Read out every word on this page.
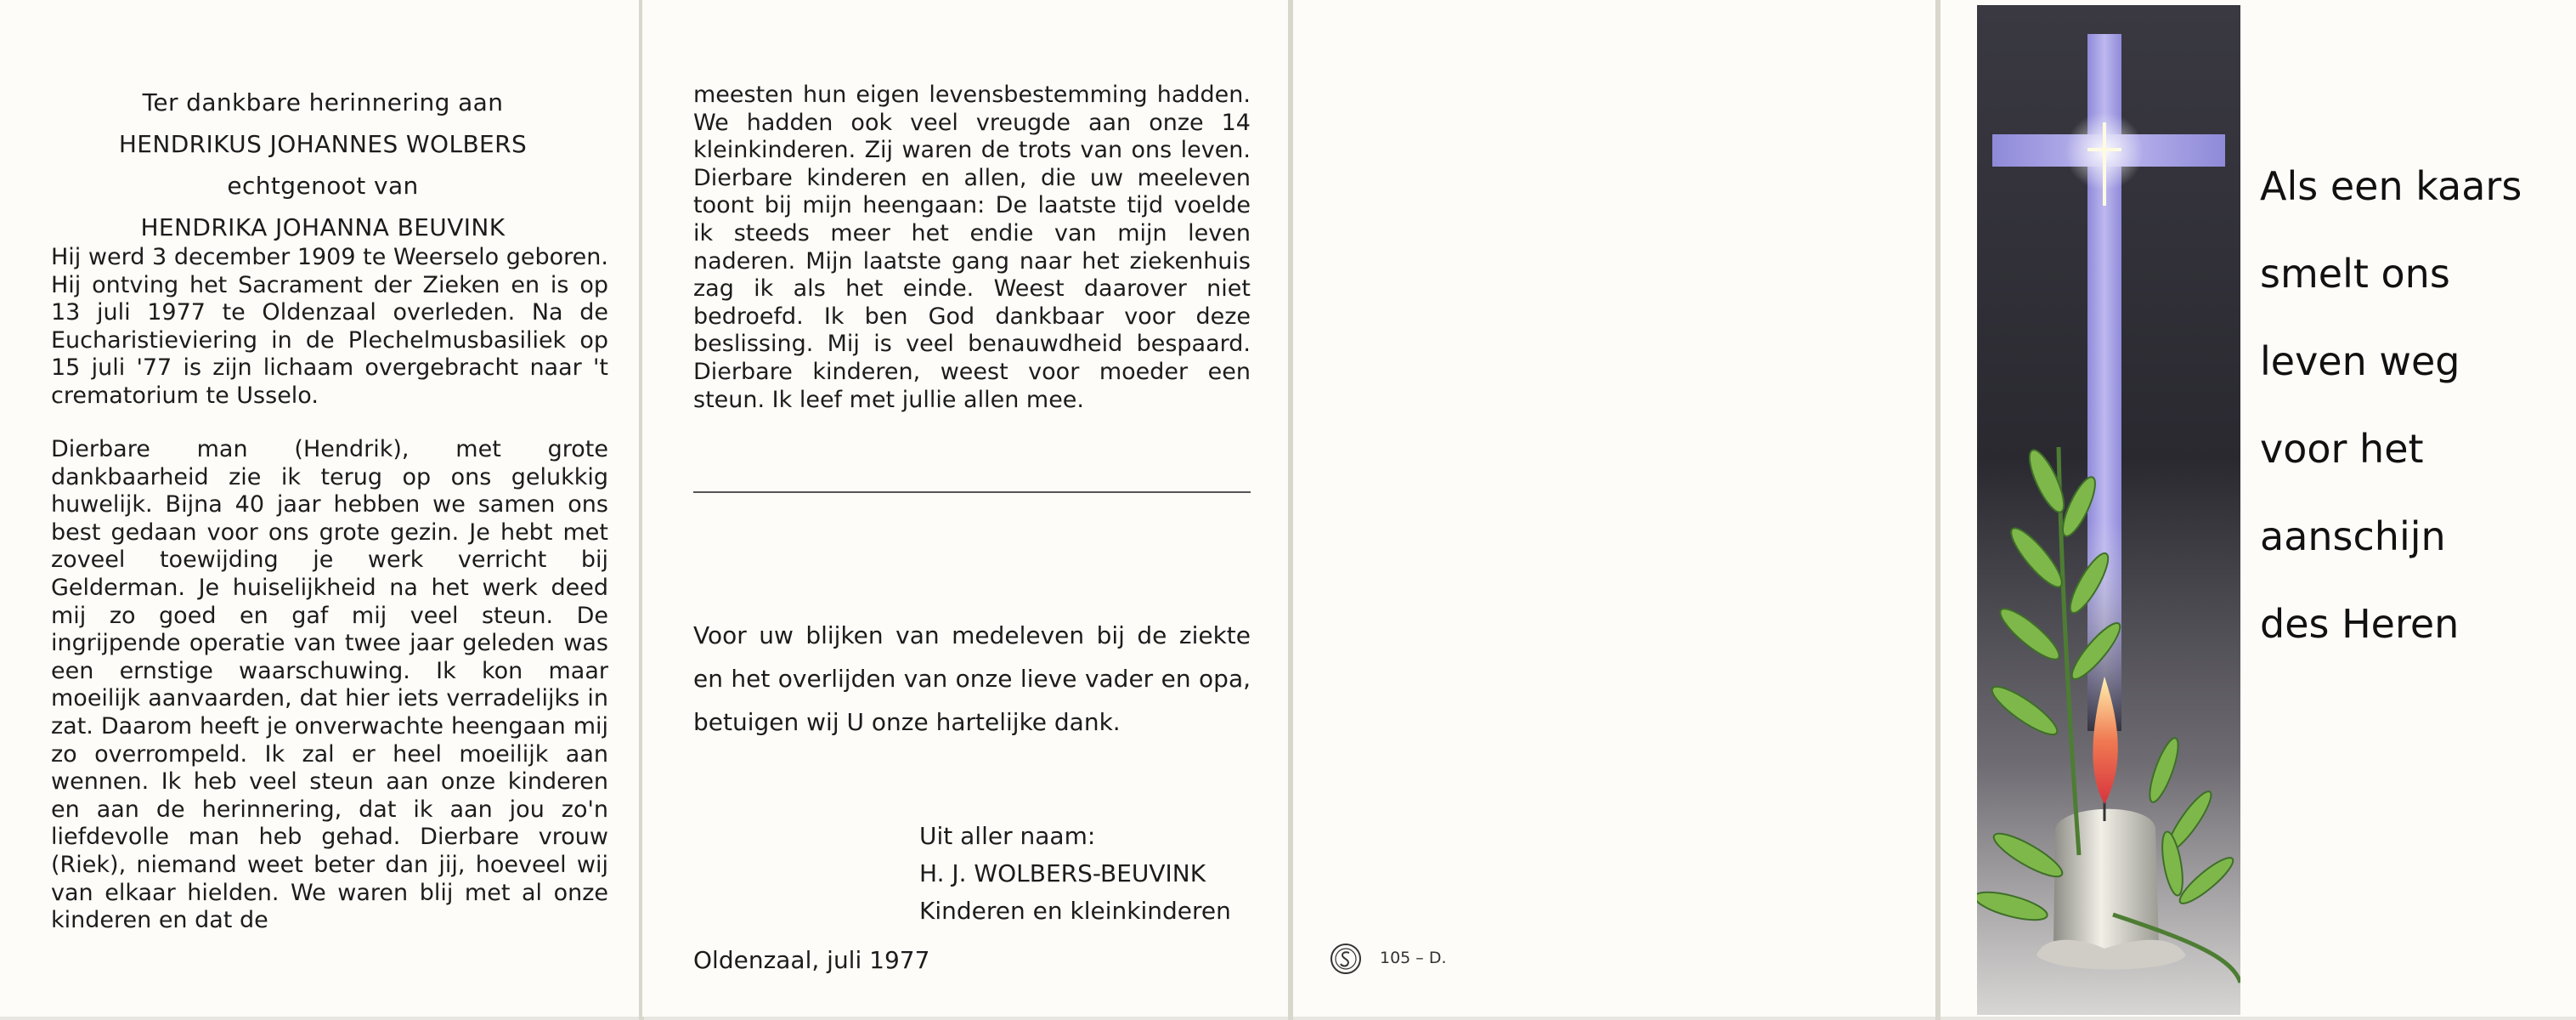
Ter dankbare herinnering aan
HENDRIKUS JOHANNES WOLBERS
echtgenoot van
HENDRIKA JOHANNA BEUVINK
Hij werd 3 december 1909 te Weerselo geboren. Hij ontving het Sacrament der Zieken en is op 13 juli 1977 te Oldenzaal overleden. Na de Eucharistieviering in de Plechelmusbasiliek op 15 juli '77 is zijn lichaam overgebracht naar 't crematorium te Usselo.
Dierbare man (Hendrik), met grote dankbaarheid zie ik terug op ons gelukkig huwelijk. Bijna 40 jaar hebben we samen ons best gedaan voor ons grote gezin. Je hebt met zoveel toewijding je werk verricht bij Gelderman. Je huiselijkheid na het werk deed mij zo goed en gaf mij veel steun. De ingrijpende operatie van twee jaar geleden was een ernstige waarschuwing. Ik kon maar moeilijk aanvaarden, dat hier iets verradelijks in zat. Daarom heeft je onverwachte heengaan mij zo overrompeld. Ik zal er heel moeilijk aan wennen. Ik heb veel steun aan onze kinderen en aan de herinnering, dat ik aan jou zo'n liefdevolle man heb gehad. Dierbare vrouw (Riek), niemand weet beter dan jij, hoeveel wij van elkaar hielden. We waren blij met al onze kinderen en dat de
meesten hun eigen levensbestemming hadden. We hadden ook veel vreugde aan onze 14 kleinkinderen. Zij waren de trots van ons leven. Dierbare kinderen en allen, die uw meeleven toont bij mijn heengaan: De laatste tijd voelde ik steeds meer het endie van mijn leven naderen. Mijn laatste gang naar het ziekenhuis zag ik als het einde. Weest daarover niet bedroefd. Ik ben God dankbaar voor deze beslissing. Mij is veel benauwdheid bespaard. Dierbare kinderen, weest voor moeder een steun. Ik leef met jullie allen mee.
Voor uw blijken van medeleven bij de ziekte en het overlijden van onze lieve vader en opa, betuigen wij U onze hartelijke dank.
Uit aller naam:
H. J. WOLBERS-BEUVINK
Kinderen en kleinkinderen
Oldenzaal, juli 1977	105 – D.
Als een kaars
smelt ons
leven weg
voor het
aanschijn
des Heren
